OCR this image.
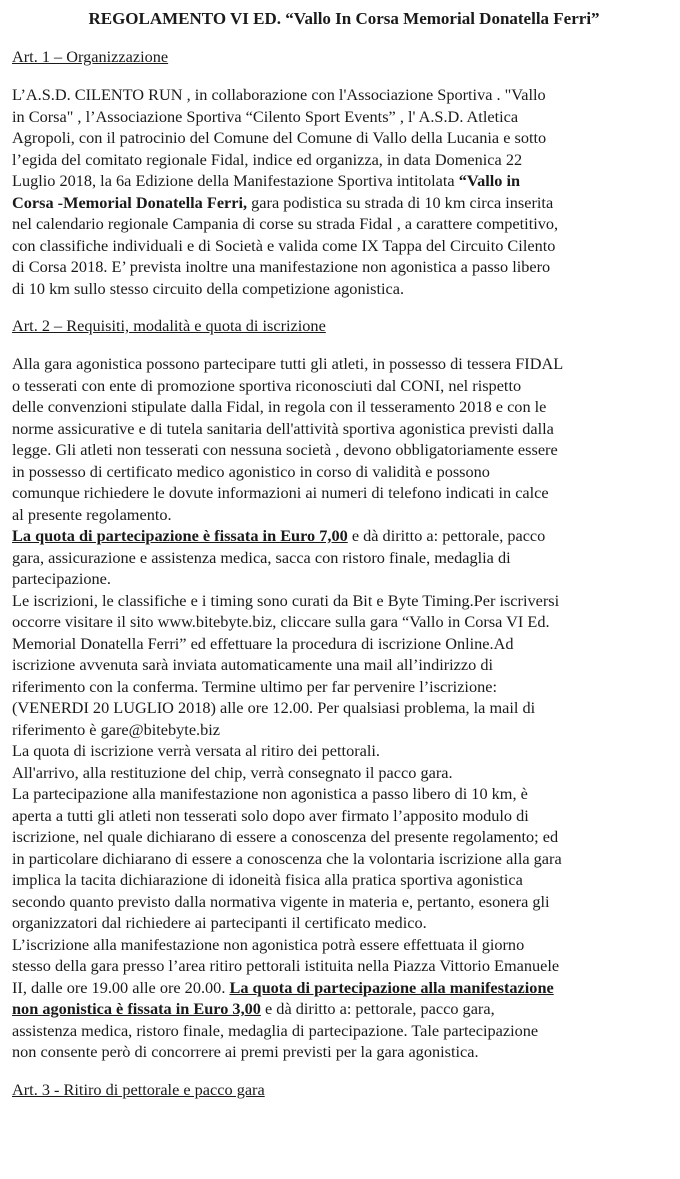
REGOLAMENTO VI ED. “Vallo In Corsa Memorial Donatella Ferri”
Art. 1 – Organizzazione
L’A.S.D. CILENTO RUN , in collaborazione con l'Associazione Sportiva . "Vallo
in Corsa" , l’Associazione Sportiva “Cilento Sport Events” , l' A.S.D. Atletica
Agropoli, con il patrocinio del Comune del Comune di Vallo della Lucania e sotto
l’egida del comitato regionale Fidal, indice ed organizza, in data Domenica 22
Luglio 2018, la 6a Edizione della Manifestazione Sportiva intitolata “Vallo in
Corsa -Memorial Donatella Ferri, gara podistica su strada di 10 km circa inserita
nel calendario regionale Campania di corse su strada Fidal , a carattere competitivo,
con classifiche individuali e di Società e valida come IX Tappa del Circuito Cilento
di Corsa 2018. E’ prevista inoltre una manifestazione non agonistica a passo libero
di 10 km sullo stesso circuito della competizione agonistica.
Art. 2 – Requisiti, modalità e quota di iscrizione
Alla gara agonistica possono partecipare tutti gli atleti, in possesso di tessera FIDAL
o tesserati con ente di promozione sportiva riconosciuti dal CONI, nel rispetto
delle convenzioni stipulate dalla Fidal, in regola con il tesseramento 2018 e con le
norme assicurative e di tutela sanitaria dell'attività sportiva agonistica previsti dalla
legge. Gli atleti non tesserati con nessuna società , devono obbligatoriamente essere
in possesso di certificato medico agonistico in corso di validità e possono
comunque richiedere le dovute informazioni ai numeri di telefono indicati in calce
al presente regolamento.
La quota di partecipazione è fissata in Euro 7,00 e dà diritto a: pettorale, pacco
gara, assicurazione e assistenza medica, sacca con ristoro finale, medaglia di
partecipazione.
Le iscrizioni, le classifiche e i timing sono curati da Bit e Byte Timing.Per iscriversi
occorre visitare il sito www.bitebyte.biz, cliccare sulla gara “Vallo in Corsa VI Ed.
Memorial Donatella Ferri” ed effettuare la procedura di iscrizione Online.Ad
iscrizione avvenuta sarà inviata automaticamente una mail all’indirizzo di
riferimento con la conferma. Termine ultimo per far pervenire l’iscrizione:
(VENERDI 20 LUGLIO 2018) alle ore 12.00. Per qualsiasi problema, la mail di
riferimento è gare@bitebyte.biz
La quota di iscrizione verrà versata al ritiro dei pettorali.
All'arrivo, alla restituzione del chip, verrà consegnato il pacco gara.
La partecipazione alla manifestazione non agonistica a passo libero di 10 km, è
aperta a tutti gli atleti non tesserati solo dopo aver firmato l’apposito modulo di
iscrizione, nel quale dichiarano di essere a conoscenza del presente regolamento; ed
in particolare dichiarano di essere a conoscenza che la volontaria iscrizione alla gara
implica la tacita dichiarazione di idoneità fisica alla pratica sportiva agonistica
secondo quanto previsto dalla normativa vigente in materia e, pertanto, esonera gli
organizzatori dal richiedere ai partecipanti il certificato medico.
L’iscrizione alla manifestazione non agonistica potrà essere effettuata il giorno
stesso della gara presso l’area ritiro pettorali istituita nella Piazza Vittorio Emanuele
II, dalle ore 19.00 alle ore 20.00. La quota di partecipazione alla manifestazione
non agonistica è fissata in Euro 3,00 e dà diritto a: pettorale, pacco gara,
assistenza medica, ristoro finale, medaglia di partecipazione. Tale partecipazione
non consente però di concorrere ai premi previsti per la gara agonistica.
Art. 3 - Ritiro di pettorale e pacco gara
